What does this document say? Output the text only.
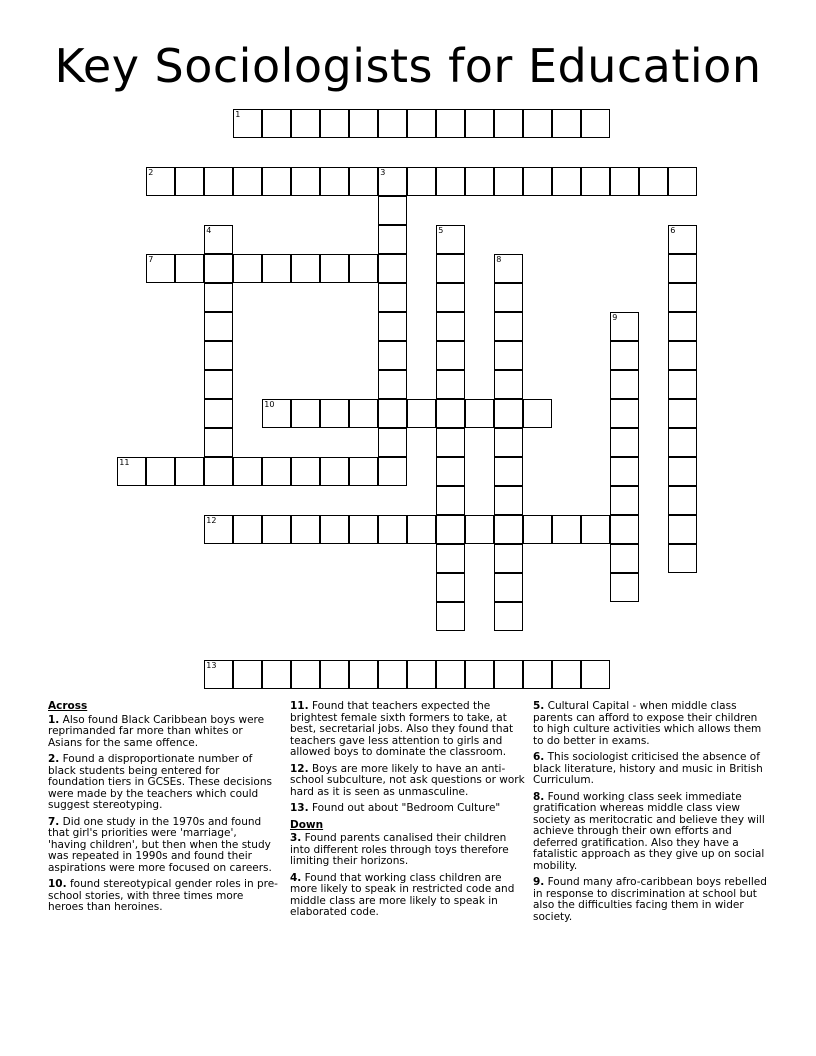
Key Sociologists for Education
1
2	3
4	5	6
7	8
9
10
11
12
13
Across
1. Also found Black Caribbean boys were reprimanded far more than whites or Asians for the same offence.
2. Found a disproportionate number of black students being entered for foundation tiers in GCSEs. These decisions were made by the teachers which could suggest stereotyping.
7. Did one study in the 1970s and found that girl's priorities were 'marriage', 'having children', but then when the study was repeated in 1990s and found their aspirations were more focused on careers.
10. found stereotypical gender roles in pre-school stories, with three times more heroes than heroines.
11. Found that teachers expected the brightest female sixth formers to take, at best, secretarial jobs. Also they found that teachers gave less attention to girls and allowed boys to dominate the classroom.
12. Boys are more likely to have an anti-school subculture, not ask questions or work hard as it is seen as unmasculine.
13. Found out about "Bedroom Culture"
Down
3. Found parents canalised their children into different roles through toys therefore limiting their horizons.
4. Found that working class children are more likely to speak in restricted code and middle class are more likely to speak in elaborated code.
5. Cultural Capital - when middle class parents can afford to expose their children to high culture activities which allows them to do better in exams.
6. This sociologist criticised the absence of black literature, history and music in British Curriculum.
8. Found working class seek immediate gratification whereas middle class view society as meritocratic and believe they will achieve through their own efforts and deferred gratification. Also they have a fatalistic approach as they give up on social mobility.
9. Found many afro-caribbean boys rebelled in response to discrimination at school but also the difficulties facing them in wider society.
